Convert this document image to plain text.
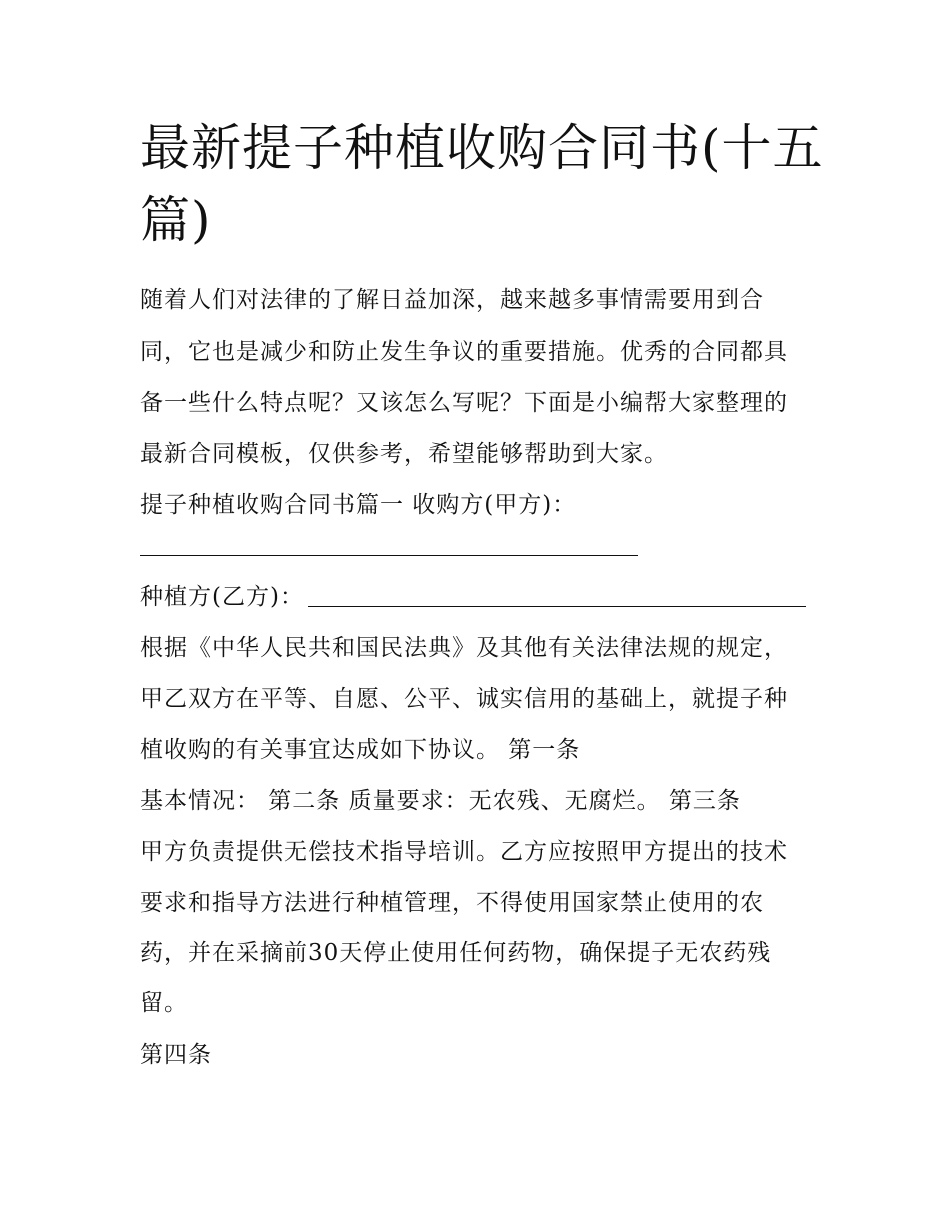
最新提子种植收购合同书(十五篇)

随着人们对法律的了解日益加深，越来越多事情需要用到合

同，它也是减少和防止发生争议的重要措施。优秀的合同都具

备一些什么特点呢？又该怎么写呢？下面是小编帮大家整理的

最新合同模板，仅供参考，希望能够帮助到大家。

提子种植收购合同书篇一 收购方(甲方)：

种植方(乙方)：

根据《中华人民共和国民法典》及其他有关法律法规的规定，

甲乙双方在平等、自愿、公平、诚实信用的基础上，就提子种

植收购的有关事宜达成如下协议。 第一条

基本情况： 第二条 质量要求：无农残、无腐烂。 第三条

甲方负责提供无偿技术指导培训。乙方应按照甲方提出的技术

要求和指导方法进行种植管理，不得使用国家禁止使用的农

药，并在采摘前30天停止使用任何药物，确保提子无农药残

留。

第四条
